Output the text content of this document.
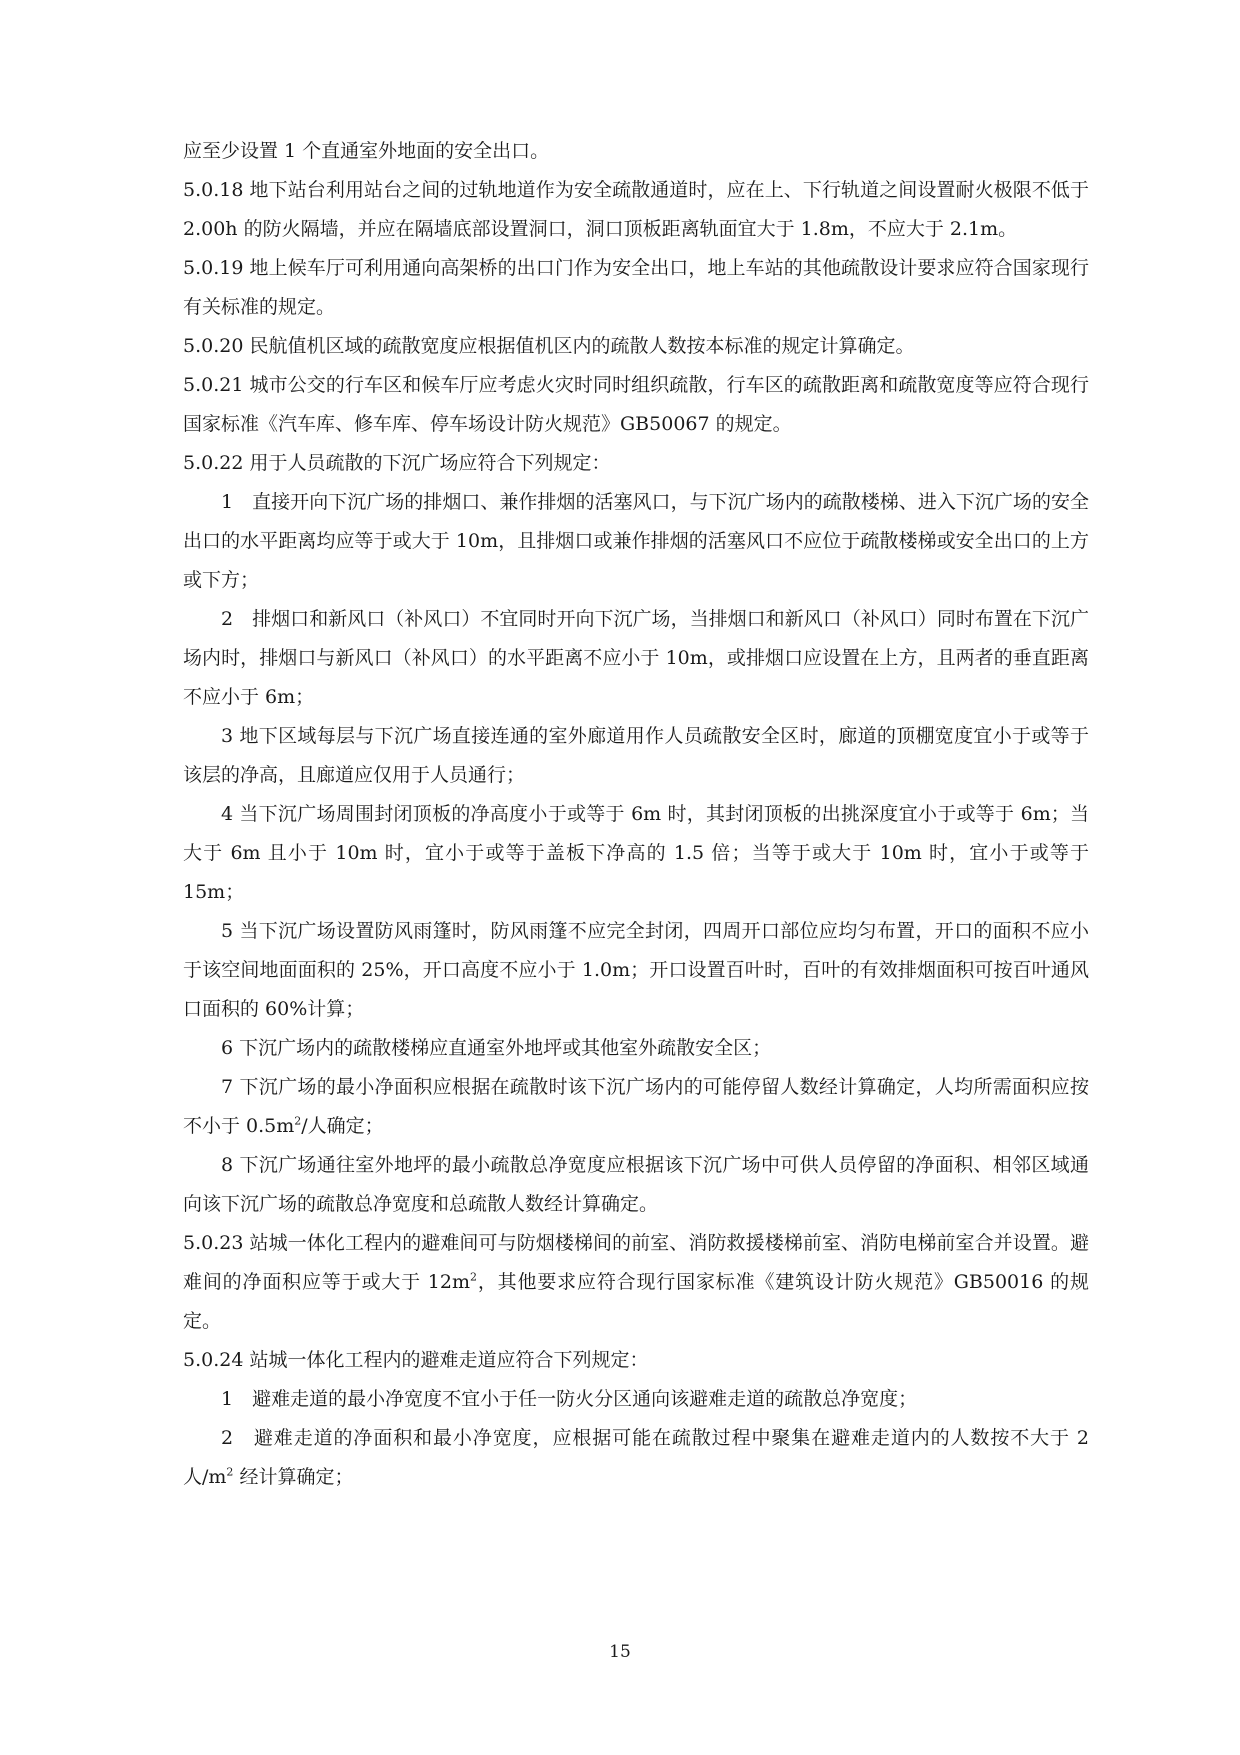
应至少设置 1 个直通室外地面的安全出口。

5.0.18 地下站台利用站台之间的过轨地道作为安全疏散通道时，应在上、下行轨道之间设置耐火极限不低于 2.00h 的防火隔墙，并应在隔墙底部设置洞口，洞口顶板距离轨面宜大于 1.8m，不应大于 2.1m。

5.0.19 地上候车厅可利用通向高架桥的出口门作为安全出口，地上车站的其他疏散设计要求应符合国家现行有关标准的规定。

5.0.20 民航值机区域的疏散宽度应根据值机区内的疏散人数按本标准的规定计算确定。

5.0.21 城市公交的行车区和候车厅应考虑火灾时同时组织疏散，行车区的疏散距离和疏散宽度等应符合现行国家标准《汽车库、修车库、停车场设计防火规范》GB50067 的规定。

5.0.22 用于人员疏散的下沉广场应符合下列规定：

1　直接开向下沉广场的排烟口、兼作排烟的活塞风口，与下沉广场内的疏散楼梯、进入下沉广场的安全出口的水平距离均应等于或大于 10m，且排烟口或兼作排烟的活塞风口不应位于疏散楼梯或安全出口的上方或下方；

2　排烟口和新风口（补风口）不宜同时开向下沉广场，当排烟口和新风口（补风口）同时布置在下沉广场内时，排烟口与新风口（补风口）的水平距离不应小于 10m，或排烟口应设置在上方，且两者的垂直距离不应小于 6m；

3 地下区域每层与下沉广场直接连通的室外廊道用作人员疏散安全区时，廊道的顶棚宽度宜小于或等于该层的净高，且廊道应仅用于人员通行；

4 当下沉广场周围封闭顶板的净高度小于或等于 6m 时，其封闭顶板的出挑深度宜小于或等于 6m；当大于 6m 且小于 10m 时，宜小于或等于盖板下净高的 1.5 倍；当等于或大于 10m 时，宜小于或等于 15m；

5 当下沉广场设置防风雨篷时，防风雨篷不应完全封闭，四周开口部位应均匀布置，开口的面积不应小于该空间地面面积的 25%，开口高度不应小于 1.0m；开口设置百叶时，百叶的有效排烟面积可按百叶通风口面积的 60%计算；

6 下沉广场内的疏散楼梯应直通室外地坪或其他室外疏散安全区；

7 下沉广场的最小净面积应根据在疏散时该下沉广场内的可能停留人数经计算确定，人均所需面积应按不小于 $0.5m^2/$人确定；

8 下沉广场通往室外地坪的最小疏散总净宽度应根据该下沉广场中可供人员停留的净面积、相邻区域通向该下沉广场的疏散总净宽度和总疏散人数经计算确定。

5.0.23 站城一体化工程内的避难间可与防烟楼梯间的前室、消防救援楼梯前室、消防电梯前室合并设置。避难间的净面积应等于或大于 $12m^2$，其他要求应符合现行国家标准《建筑设计防火规范》GB50016 的规定。

5.0.24 站城一体化工程内的避难走道应符合下列规定：

1　避难走道的最小净宽度不宜小于任一防火分区通向该避难走道的疏散总净宽度；

2　避难走道的净面积和最小净宽度，应根据可能在疏散过程中聚集在避难走道内的人数按不大于 2 人$/m^2$ 经计算确定；

15
